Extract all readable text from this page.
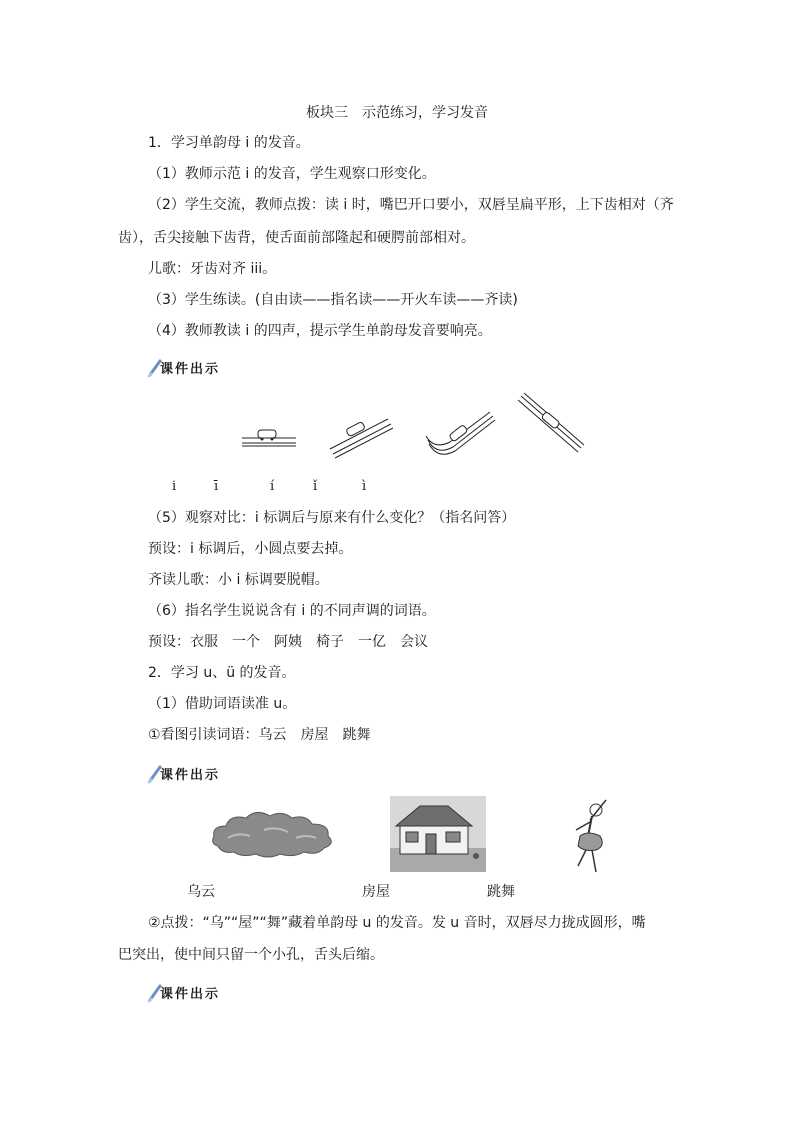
板块三　示范练习，学习发音
1．学习单韵母 i 的发音。
（1）教师示范 i 的发音，学生观察口形变化。
（2）学生交流，教师点拨：读 i 时，嘴巴开口要小，双唇呈扁平形，上下齿相对（齐
齿），舌尖接触下齿背，使舌面前部隆起和硬腭前部相对。
儿歌：牙齿对齐 iii。
（3）学生练读。(自由读——指名读——开火车读——齐读)
（4）教师教读 i 的四声，提示学生单韵母发音要响亮。
课件出示
i	ī	í	ǐ	ì
（5）观察对比：i 标调后与原来有什么变化？（指名问答）
预设：i 标调后，小圆点要去掉。
齐读儿歌：小 i 标调要脱帽。
（6）指名学生说说含有 i 的不同声调的词语。
预设：衣服　一个　阿姨　椅子　一亿　会议
2．学习 u、ü 的发音。
（1）借助词语读准 u。
①看图引读词语：乌云　房屋　跳舞
课件出示
乌云	房屋	跳舞
②点拨：“乌”“屋”“舞”藏着单韵母 u 的发音。发 u 音时，双唇尽力拢成圆形，嘴
巴突出，使中间只留一个小孔，舌头后缩。
课件出示
